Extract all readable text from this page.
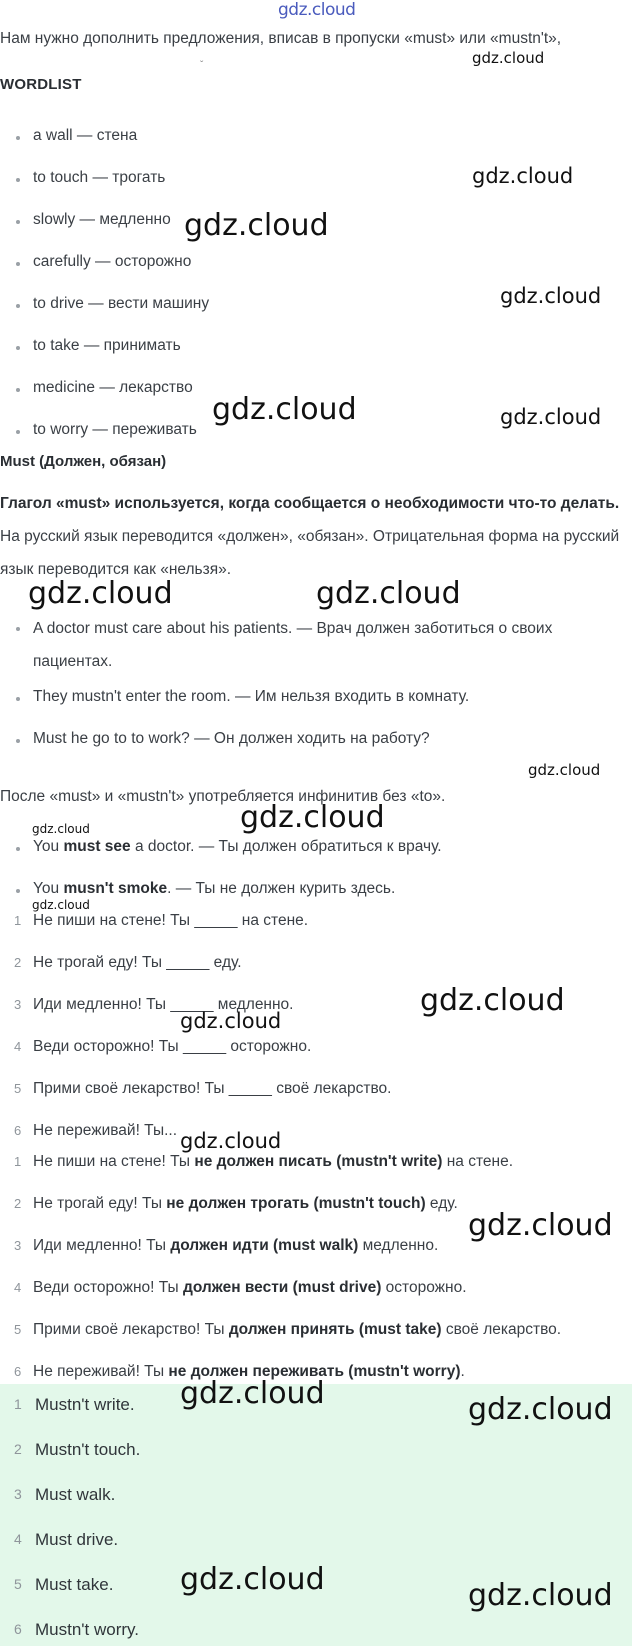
gdz.cloud
Нам нужно дополнить предложения, вписав в пропуски «must» или «mustn't»,
ˇ
WORDLIST
a wall — стена
to touch — трогать
slowly — медленно
carefully — осторожно
to drive — вести машину
to take — принимать
medicine — лекарство
to worry — переживать
Must (Должен, обязан)
Глагол «must» используется, когда сообщается о необходимости что-то делать. На русский язык переводится «должен», «обязан». Отрицательная форма на русский язык переводится как «нельзя».
A doctor must care about his patients. — Врач должен заботиться о своих пациентах.
They mustn't enter the room. — Им нельзя входить в комнату.
Must he go to to work? — Он должен ходить на работу?
После «must» и «mustn't» употребляется инфинитив без «to».
You must see a doctor. — Ты должен обратиться к врачу.
You musn't smoke. — Ты не должен курить здесь.
1 Не пиши на стене! Ты _____ на стене.
2 Не трогай еду! Ты _____ еду.
3 Иди медленно! Ты _____ медленно.
4 Веди осторожно! Ты _____ осторожно.
5 Прими своё лекарство! Ты _____ своё лекарство.
6 Не переживай! Ты...
1 Не пиши на стене! Ты не должен писать (mustn't write) на стене.
2 Не трогай еду! Ты не должен трогать (mustn't touch) еду.
3 Иди медленно! Ты должен идти (must walk) медленно.
4 Веди осторожно! Ты должен вести (must drive) осторожно.
5 Прими своё лекарство! Ты должен принять (must take) своё лекарство.
6 Не переживай! Ты не должен переживать (mustn't worry).
1 Mustn't write.
2 Mustn't touch.
3 Must walk.
4 Must drive.
5 Must take.
6 Mustn't worry.
gdz.cloud
gdz.cloud
gdz.cloud
gdz.cloud
gdz.cloud	gdz.cloud
gdz.cloud	gdz.cloud
gdz.cloud
gdz.cloud
gdz.cloud
gdz.cloud
gdz.cloud
gdz.cloud
gdz.cloud
gdz.cloud
gdz.cloud	gdz.cloud
gdz.cloud	gdz.cloud
